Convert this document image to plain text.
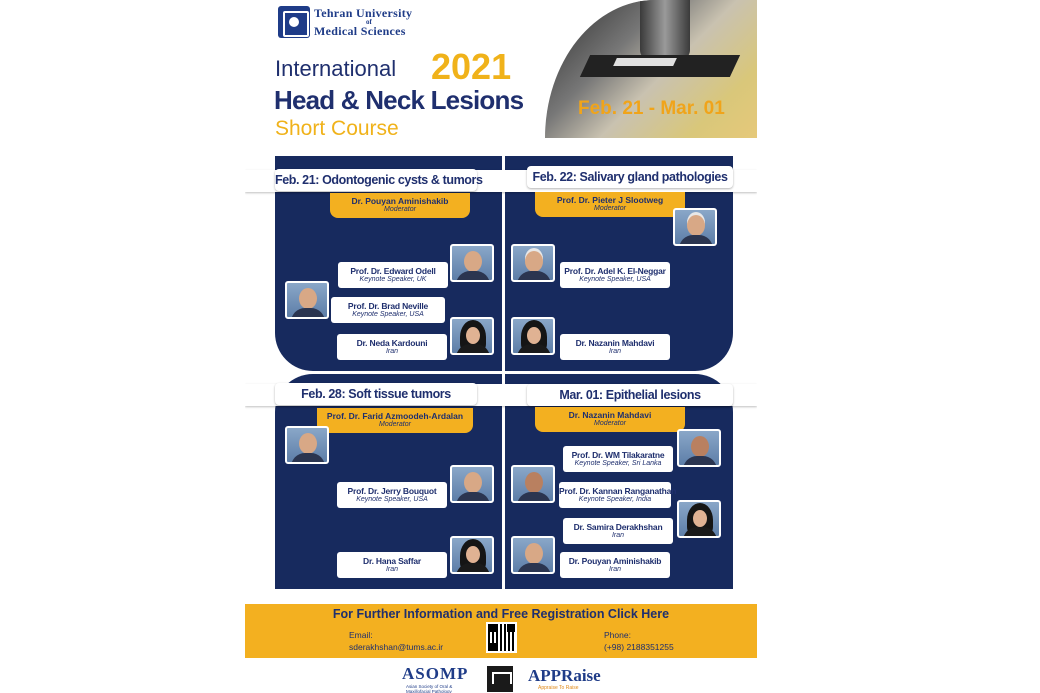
Tehran University
of
Medical Sciences
International 2021
Head & Neck Lesions
Short Course
Feb. 21 - Mar. 01
Feb. 21: Odontogenic cysts & tumors	Feb. 22: Salivary gland pathologies
Feb. 28: Soft tissue tumors	Mar. 01: Epithelial lesions
Dr. Pouyan Aminishakib
Moderator
Prof. Dr. Edward Odell
Keynote Speaker, UK
Prof. Dr. Brad Neville
Keynote Speaker, USA
Dr. Neda Kardouni
Iran
Prof. Dr. Pieter J Slootweg
Moderator
Prof. Dr. Adel K. El-Neggar
Keynote Speaker, USA
Dr. Nazanin Mahdavi
Iran
Prof. Dr. Farid Azmoodeh-Ardalan
Moderator
Prof. Dr. Jerry Bouquot
Keynote Speaker, USA
Dr. Hana Saffar
Iran
Dr. Nazanin Mahdavi
Moderator
Prof. Dr. WM Tilakaratne
Keynote Speaker, Sri Lanka
Prof. Dr. Kannan Ranganathan
Keynote Speaker, India
Dr. Samira Derakhshan
Iran
Dr. Pouyan Aminishakib
Iran
For Further Information and Free Registration Click Here
Email:
sderakhshan@tums.ac.ir
Phone:
(+98) 2188351255
ASOMP
Asian Society of Oral & Maxillofacial Pathology
APPRaise
Appraise To Raise
